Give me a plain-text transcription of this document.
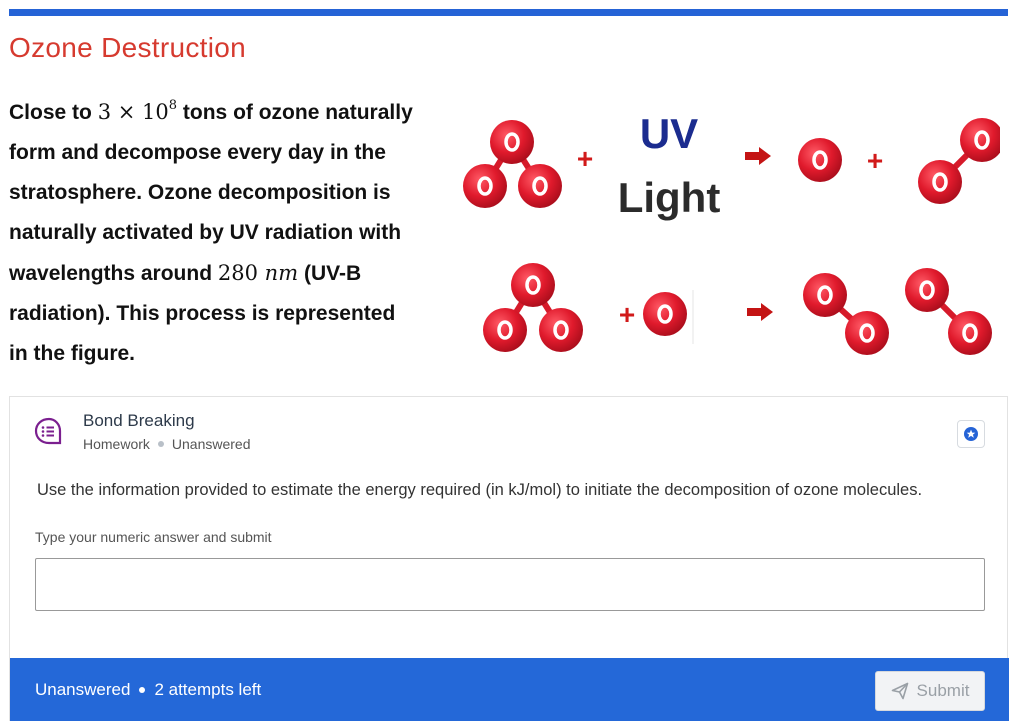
Ozone Destruction
Close to $3 \times 10^8$ tons of ozone naturally form and decompose every day in the stratosphere. Ozone decomposition is naturally activated by UV radiation with wavelengths around 280 nm (UV-B radiation). This process is represented in the figure.
+
UV
Light
+
+
Bond Breaking
Homework Unanswered
Use the information provided to estimate the energy required (in kJ/mol) to initiate the decomposition of ozone molecules.
Type your numeric answer and submit
Unanswered 2 attempts left	Submit
